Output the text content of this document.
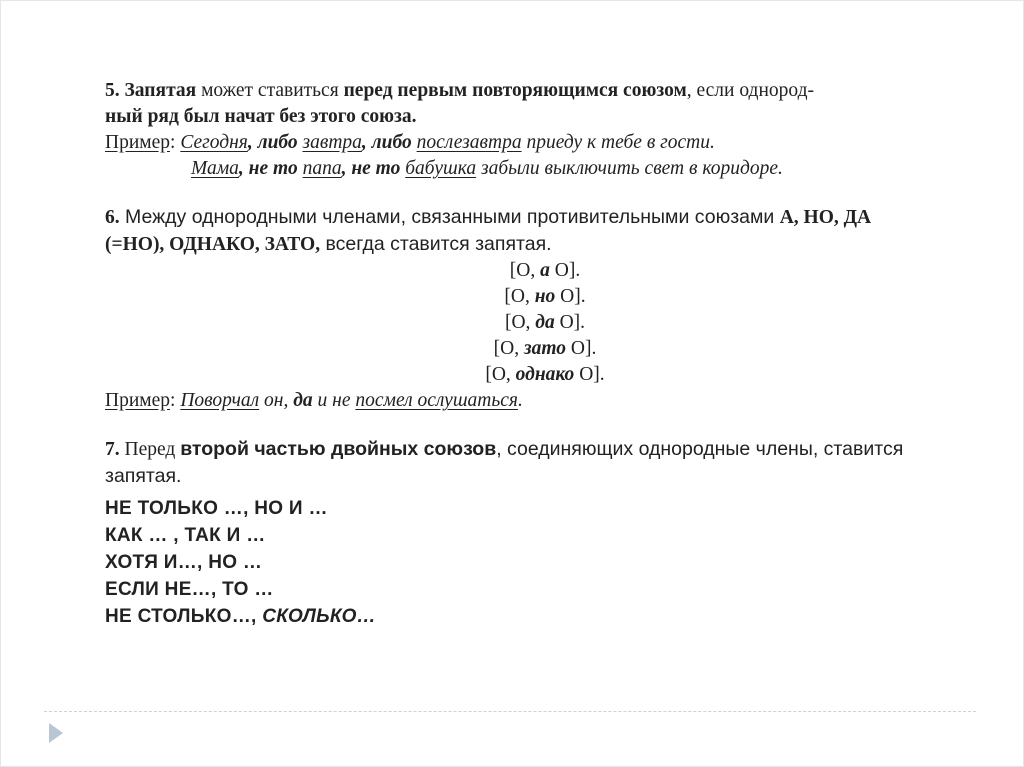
5. Запятая может ставиться перед первым повторяющимся союзом, если однород-

ный ряд был начат без этого союза.

Пример: Сегодня, либо завтра, либо послезавтра приеду к тебе в гости.

Мама, не то папа, не то бабушка забыли выключить свет в коридоре.

6. Между однородными членами, связанными противительными союзами А, НО, ДА

(=НО), ОДНАКО, ЗАТО, всегда ставится запятая.

[О, а О].

[О, но О].

[О, да О].

[О, зато О].

[О, однако О].

Пример: Поворчал он, да и не посмел ослушаться.

7. Перед второй частью двойных союзов, соединяющих однородные члены, ставится

запятая.

НЕ ТОЛЬКО …, НО И …

КАК … , ТАК И …

ХОТЯ И…, НО …

ЕСЛИ НЕ…, ТО …

НЕ СТОЛЬКО…, СКОЛЬКО…
